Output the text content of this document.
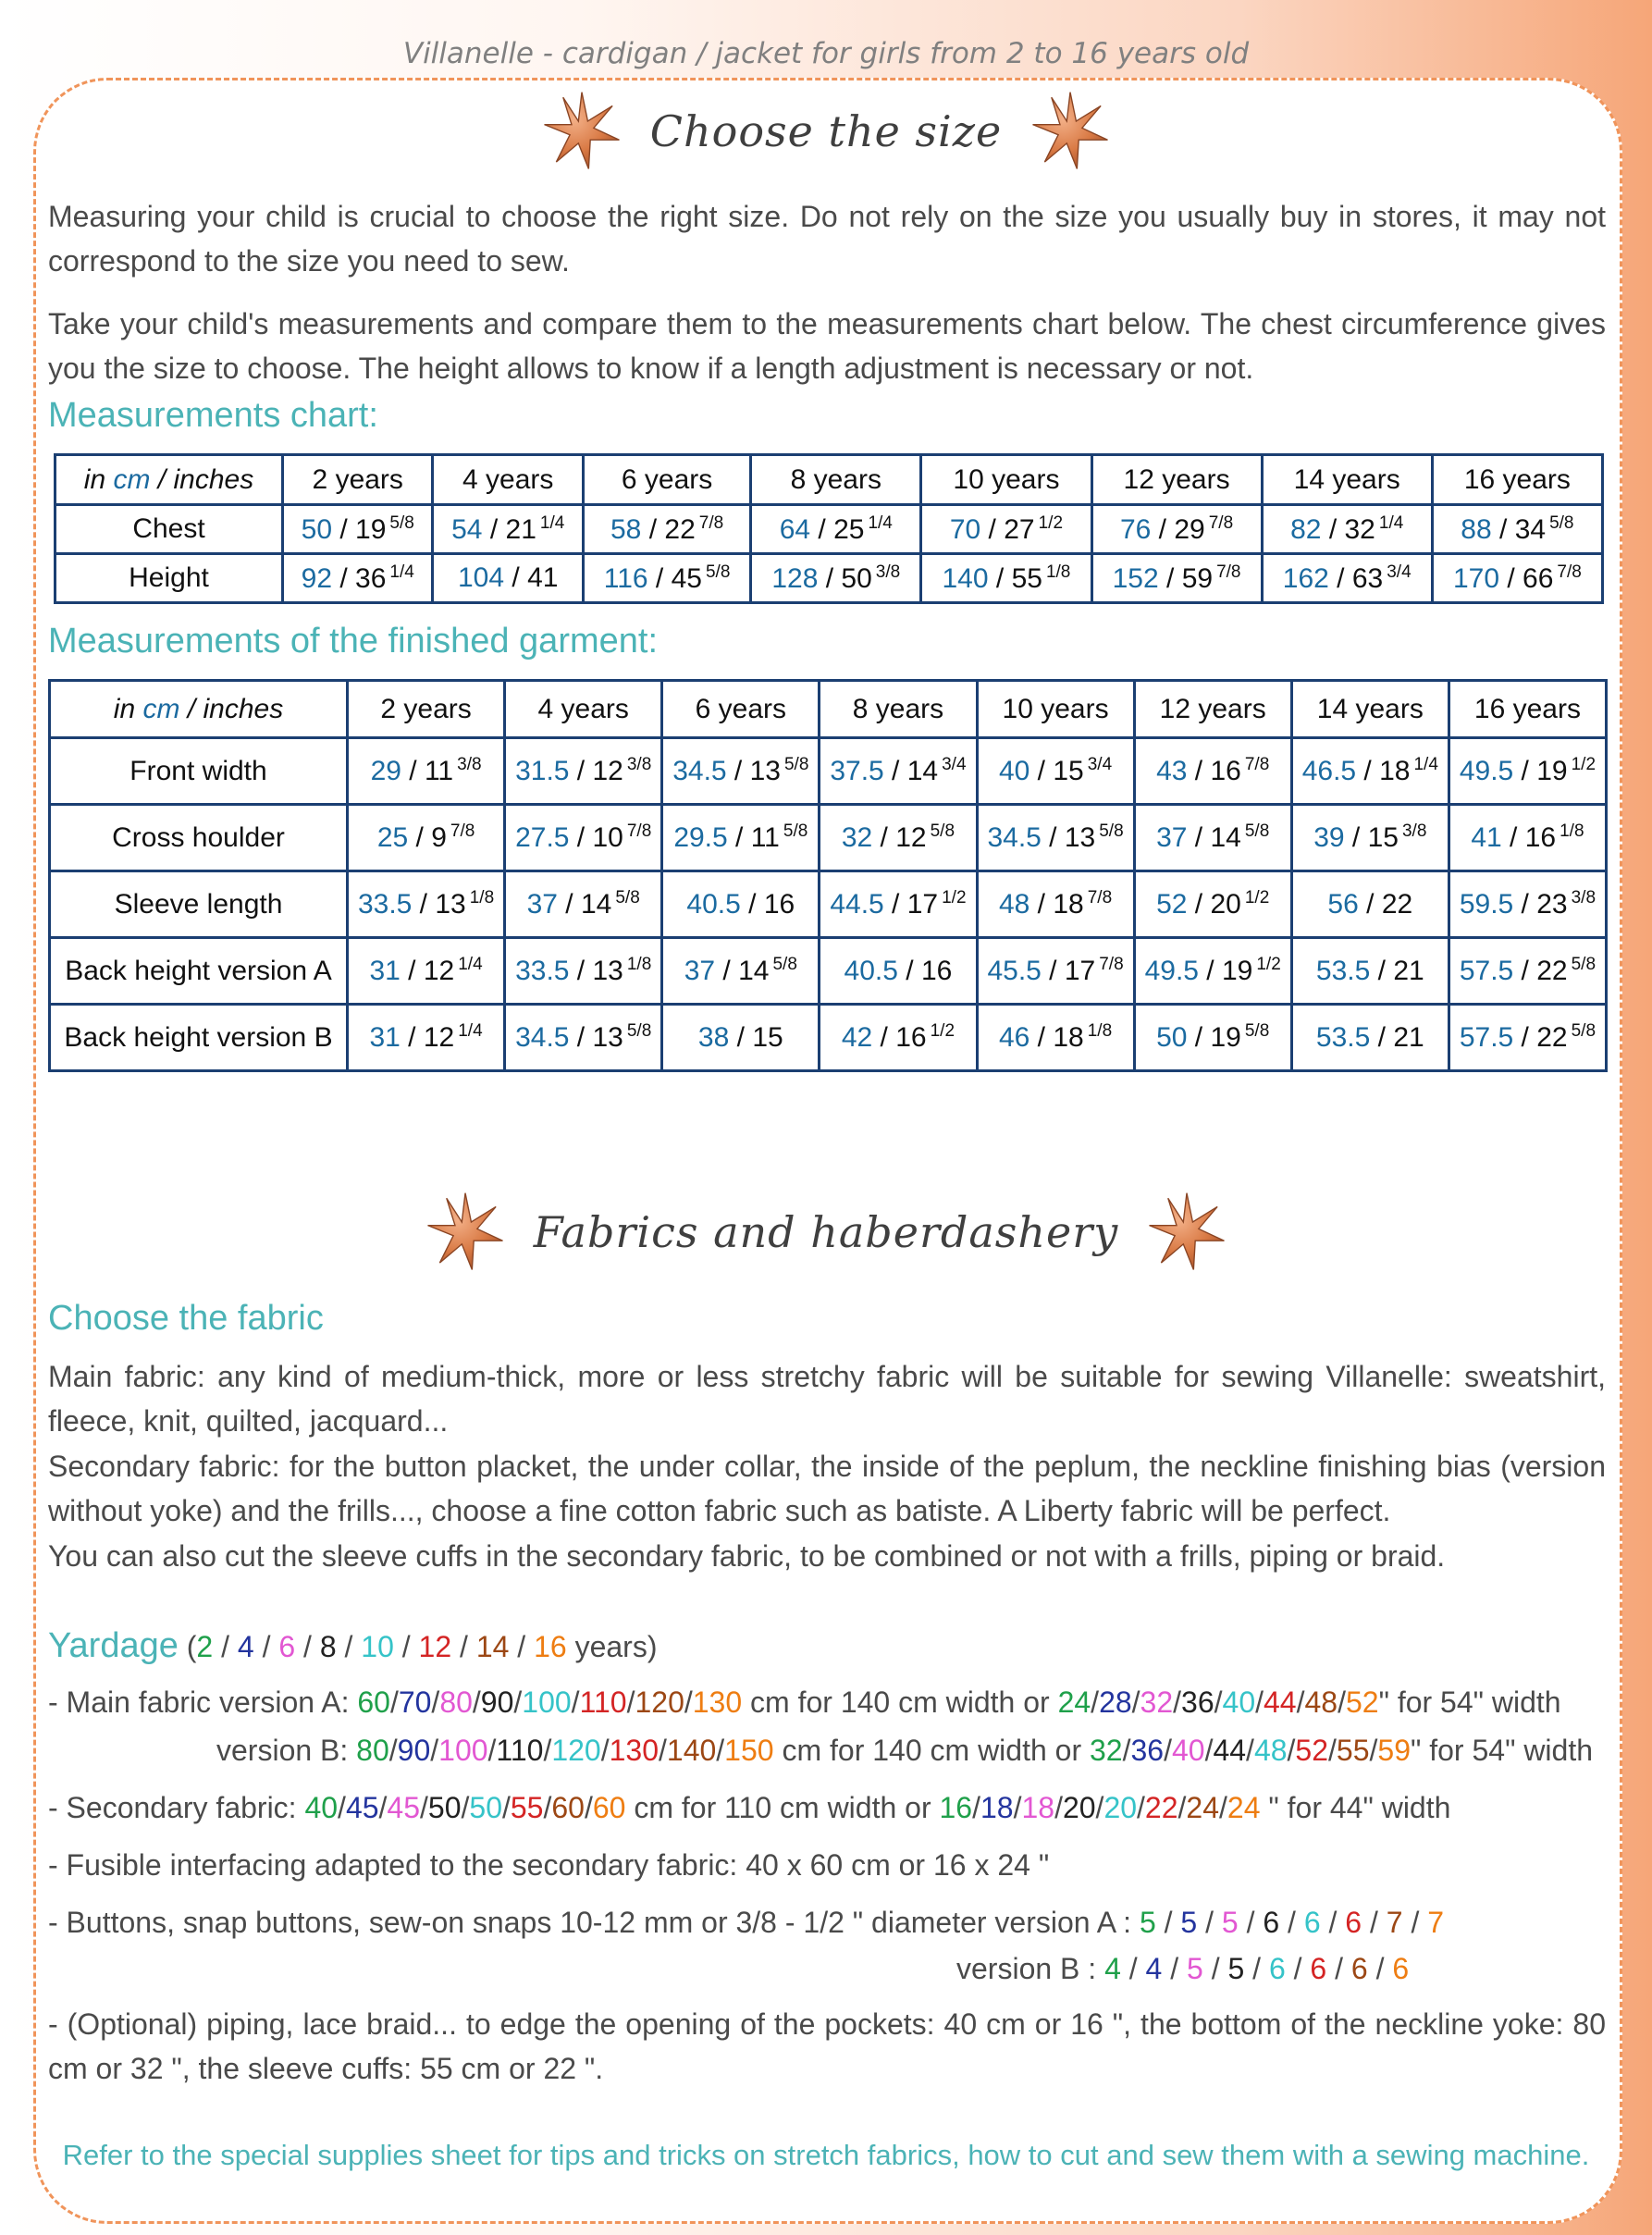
Villanelle - cardigan / jacket for girls from 2 to 16 years old
Choose the size

Measuring your child is crucial to choose the right size. Do not rely on the size you usually buy in stores, it may not correspond to the size you need to sew.

Take your child's measurements and compare them to the measurements chart below. The chest circumference gives you the size to choose. The height allows to know if a length adjustment is necessary or not.

Measurements chart:

in cm / inches	2 years	4 years	6 years	8 years	10 years	12 years	14 years	16 years
Chest	50 / 19 $^{5/8}$	54 / 21 $^{1/4}$	58 / 22 $^{7/8}$	64 / 25 $^{1/4}$	70 / 27 $^{1/2}$	76 / 29 $^{7/8}$	82 / 32 $^{1/4}$	88 / 34 $^{5/8}$
Height	92 / 36 $^{1/4}$	104 / 41	116 / 45 $^{5/8}$	128 / 50 $^{3/8}$	140 / 55 $^{1/8}$	152 / 59 $^{7/8}$	162 / 63 $^{3/4}$	170 / 66 $^{7/8}$

Measurements of the finished garment:

in cm / inches	2 years	4 years	6 years	8 years	10 years	12 years	14 years	16 years
Front width	29 / 11 $^{3/8}$	31.5 / 12 $^{3/8}$	34.5 / 13 $^{5/8}$	37.5 / 14 $^{3/4}$	40 / 15 $^{3/4}$	43 / 16 $^{7/8}$	46.5 / 18 $^{1/4}$	49.5 / 19 $^{1/2}$
Cross houlder	25 / 9 $^{7/8}$	27.5 / 10 $^{7/8}$	29.5 / 11 $^{5/8}$	32 / 12 $^{5/8}$	34.5 / 13 $^{5/8}$	37 / 14 $^{5/8}$	39 / 15 $^{3/8}$	41 / 16 $^{1/8}$
Sleeve length	33.5 / 13 $^{1/8}$	37 / 14 $^{5/8}$	40.5 / 16	44.5 / 17 $^{1/2}$	48 / 18 $^{7/8}$	52 / 20 $^{1/2}$	56 / 22	59.5 / 23 $^{3/8}$
Back height version A	31 / 12 $^{1/4}$	33.5 / 13 $^{1/8}$	37 / 14 $^{5/8}$	40.5 / 16	45.5 / 17 $^{7/8}$	49.5 / 19 $^{1/2}$	53.5 / 21	57.5 / 22 $^{5/8}$
Back height version B	31 / 12 $^{1/4}$	34.5 / 13 $^{5/8}$	38 / 15	42 / 16 $^{1/2}$	46 / 18 $^{1/8}$	50 / 19 $^{5/8}$	53.5 / 21	57.5 / 22 $^{5/8}$
Fabrics and haberdashery

Choose the fabric

Main fabric: any kind of medium-thick, more or less stretchy fabric will be suitable for sewing Villanelle: sweatshirt, fleece, knit, quilted, jacquard...

Secondary fabric: for the button placket, the under collar, the inside of the peplum, the neckline finishing bias (version without yoke) and the frills..., choose a fine cotton fabric such as batiste. A Liberty fabric will be perfect.

You can also cut the sleeve cuffs in the secondary fabric, to be combined or not with a frills, piping or braid.

Yardage (2 / 4 / 6 / 8 / 10 / 12 / 14 / 16 years)
- Main fabric version A: 60/70/80/90/100/110/120/130 cm for 140 cm width or 24/28/32/36/40/44/48/52" for 54" width
version B: 80/90/100/110/120/130/140/150 cm for 140 cm width or 32/36/40/44/48/52/55/59" for 54" width
- Secondary fabric: 40/45/45/50/50/55/60/60 cm for 110 cm width or 16/18/18/20/20/22/24/24 " for 44" width
- Fusible interfacing adapted to the secondary fabric: 40 x 60 cm or 16 x 24 "
- Buttons, snap buttons, sew-on snaps 10-12 mm or 3/8 - 1/2 " diameter version A : 5 / 5 / 5 / 6 / 6 / 6 / 7 / 7
version B : 4 / 4 / 5 / 5 / 6 / 6 / 6 / 6

- (Optional) piping, lace braid... to edge the opening of the pockets: 40 cm or 16 ", the bottom of the neckline yoke: 80 cm or 32 ", the sleeve cuffs: 55 cm or 22 ".

Refer to the special supplies sheet for tips and tricks on stretch fabrics, how to cut and sew them with a sewing machine.
